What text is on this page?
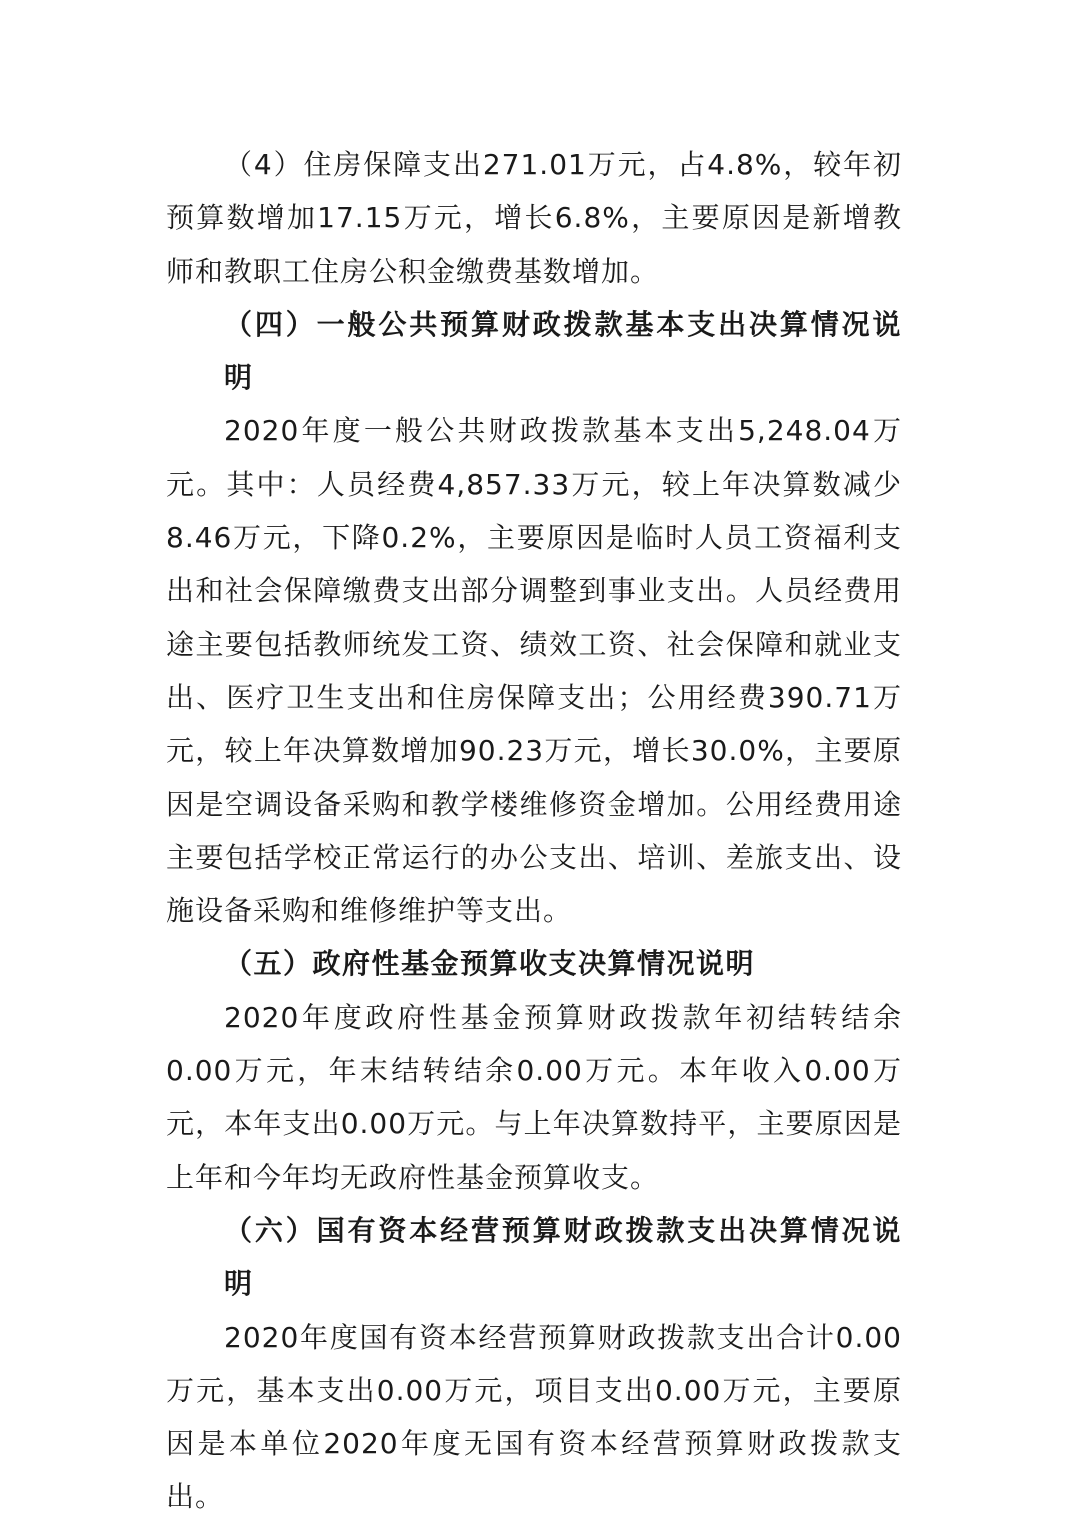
（4）住房保障支出271.01万元，占4.8%，较年初预算数增加17.15万元，增长6.8%，主要原因是新增教师和教职工住房公积金缴费基数增加。

（四）一般公共预算财政拨款基本支出决算情况说明

2020年度一般公共财政拨款基本支出5,248.04万元。其中：人员经费4,857.33万元，较上年决算数减少8.46万元，下降0.2%，主要原因是临时人员工资福利支出和社会保障缴费支出部分调整到事业支出。人员经费用途主要包括教师统发工资、绩效工资、社会保障和就业支出、医疗卫生支出和住房保障支出；公用经费390.71万元，较上年决算数增加90.23万元，增长30.0%，主要原因是空调设备采购和教学楼维修资金增加。公用经费用途主要包括学校正常运行的办公支出、培训、差旅支出、设施设备采购和维修维护等支出。

（五）政府性基金预算收支决算情况说明

2020年度政府性基金预算财政拨款年初结转结余0.00万元，年末结转结余0.00万元。本年收入0.00万元，本年支出0.00万元。与上年决算数持平，主要原因是上年和今年均无政府性基金预算收支。

（六）国有资本经营预算财政拨款支出决算情况说明

2020年度国有资本经营预算财政拨款支出合计0.00万元，基本支出0.00万元，项目支出0.00万元，主要原因是本单位2020年度无国有资本经营预算财政拨款支出。
